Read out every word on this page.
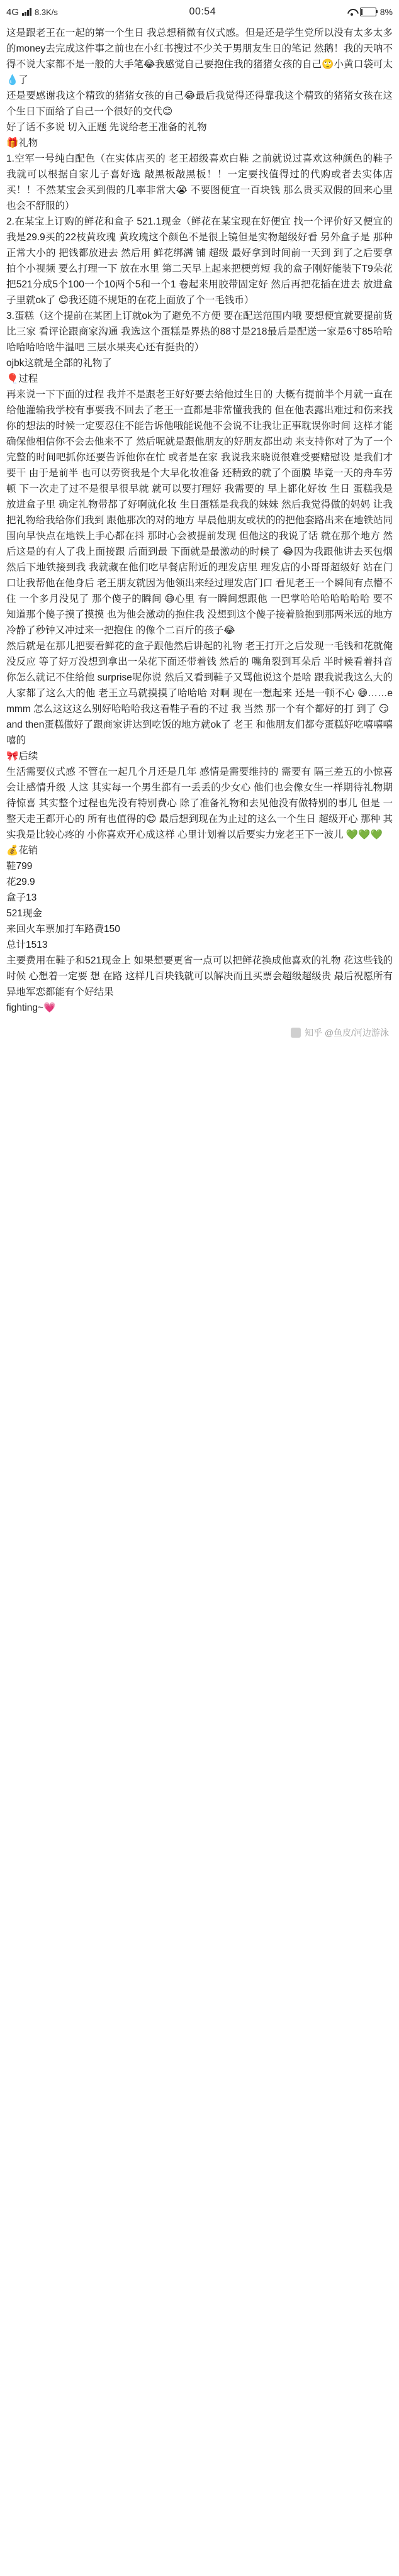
4G 8.3K/s	00:54	8%

这是跟老王在一起的第一个生日 我总想稍微有仪式感。但是还是学生党所以没有太多太多的money去完成这件事之前也在小红书搜过不少关于男朋友生日的笔记 然鹅！我的天呐不得不说大家都不是一般的大手笔😂我感觉自己要抱住我的猪猪女孩的自己🙄️小黄口袋可太💧了

还是要感谢我这个精致的猪猪女孩的自己😂最后我觉得还得靠我这个精致的猪猪女孩在这个生日下面给了自己一个很好的交代😊

好了话不多说 切入正题 先说给老王准备的礼物

🎁礼物

1.空军一号纯白配色（在实体店买的 老王超级喜欢白鞋 之前就说过喜欢这种颜色的鞋子 我就可以根据自家儿子喜好选 敲黑板敲黑板！！一定要找值得过的代购或者去实体店买！！不然某宝会买到假的几率非常大😭 不要图便宜一百块钱 那么贵买双假的回来心里也会不舒服的）

2.在某宝上订购的鲜花和盒子 521.1现金（鲜花在某宝现在好便宜 找一个评价好又便宜的 我是29.9买的22枝黄玫瑰 黄玫瑰这个颜色不是很上镜但是实物超级好看 另外盒子是 那种正常大小的 把钱都放进去 然后用 鲜花绑满 铺 超级 最好拿到时间前一天到 到了之后要拿拍个小视频 要么打理一下 放在水里 第二天早上起来把梗剪短 我的盒子刚好能装下T9朵花 把521分成5个100一个10两个5和一个1 卷起来用胶带固定好 然后再把花插在进去 放进盒子里就ok了 😊我还随不规矩的在花上面放了个一毛钱币）

3.蛋糕（这个提前在某团上订就ok为了避免不方便 要在配送范围内哦 要想便宜就要提前货比三家 看评论跟商家沟通 我选这个蛋糕是界热的88寸是218最后是配送一家是6寸85哈哈哈哈哈哈啥牛温吧 三层水果夹心还有挺贵的）

ojbk这就是全部的礼物了

🎈过程

再来说一下下面的过程 我并不是跟老王好好要去给他过生日的 大概有提前半个月就一直在给他灌输我学校有事要我不回去了老王一直都是非常懂我我的 但在他表露出难过和伤来找你的想法的时候一定要忍住不能告诉他哦能说他不会说不让我让正事耽误你时间 这样才能确保他相信你不会去他来不了 然后呢就是跟他朋友的好朋友都出动 来支持你对了为了一个完整的时间吧抓你还要告诉他你在忙 或者是在家 我说我来晓说很难受要赌慰设 是我们才要干 由于是前半 也可以劳资我是个大早化妆准备 还精致的就了个面膜 毕竟一天的舟车劳顿 下一次走了过不是很早很早就 就可以要打理好 我需要的 早上都化好妆 生日 蛋糕我是放进盒子里 确定礼物带都了好啊就化妆 生日蛋糕是我我的妹妹 然后我觉得做的妈妈 让我把礼物给我给你们我到 跟他那次的对的地方 早晨他朋友或状的的把他套路出来在地铁站同围向早快点在地铁上手心都在抖 那时心会被提前发现 但他这的我说了话 就在那个地方 然后这是的有人了我上面接跟 后面到最 下面就是最激动的时候了 😂因为我跟他讲去买包烟 然后下地铁接到我 我就藏在他们吃早餐店附近的理发店里 理发店的小哥哥超级好 站在门口让我帮他在他身后 老王朋友就因为他领出来经过理发店门口 看见老王一个瞬间有点懵不住 一个多月没见了 那个傻子的瞬间 😅心里 有一瞬间想跟他 一巴掌哈哈哈哈哈哈哈 要不知道那个傻子摸了摸摸 也为他会激动的抱住我 没想到这个傻子接着脸抱到那两米远的地方冷静了秒钟又冲过来一把抱住 的像个二百斤的孩子😂

然后就是在那儿把要看鲜花的盒子跟他然后讲起的礼物 老王打开之后发现一毛钱和花就俺没反应 等了好万没想到拿出一朵花下面还带着钱 然后的 嘴角裂到耳朵后 半时候看着抖音你怎么就记不住给他 surprise呢你说 然后又看到鞋子又骂他说这个是啥 跟我说我这么大的 人家都了这么大的他 老王立马就摸摸了哈哈哈 对啊 现在一想起来 还是一顿不心 😅……emmm 怎么这这这么别好哈哈哈我这看鞋子看的不过 我 当然 那一个有个都好的打 到了 😏

and then蛋糕做好了跟商家讲达到吃饭的地方就ok了 老王 和他朋友们都夸蛋糕好吃嘻嘻嘻嘻的

🎀后续

生活需要仪式感 不管在一起几个月还是几年 感情是需要维持的 需要有 隔三差五的小惊喜会让感情升级 人这 其实每一个男生都有一丢丢的少女心 他们也会像女生一样期待礼物期待惊喜 其实整个过程也先没有特别费心 除了准备礼物和去见他没有做特别的事儿 但是 一整天走王都开心的 所有也值得的😊 最后想到现在为止过的这么一个生日 超级开心 那种 其实我是比较心疼的 小你喜欢开心成这样 心里计划着以后要实力宠老王下一波儿 💚💚💚

💰花销

鞋799

花29.9

盒子13

521现金

来回火车票加打车路费150

总计1513

主要费用在鞋子和521现金上 如果想要更省一点可以把鲜花换成他喜欢的礼物 花这些钱的时候 心想着一定要 想 在路 这样几百块钱就可以解决而且买票会超级超级贵 最后祝愿所有异地军恋都能有个好结果

fighting~💗

知乎 @鱼皮/河边游泳
